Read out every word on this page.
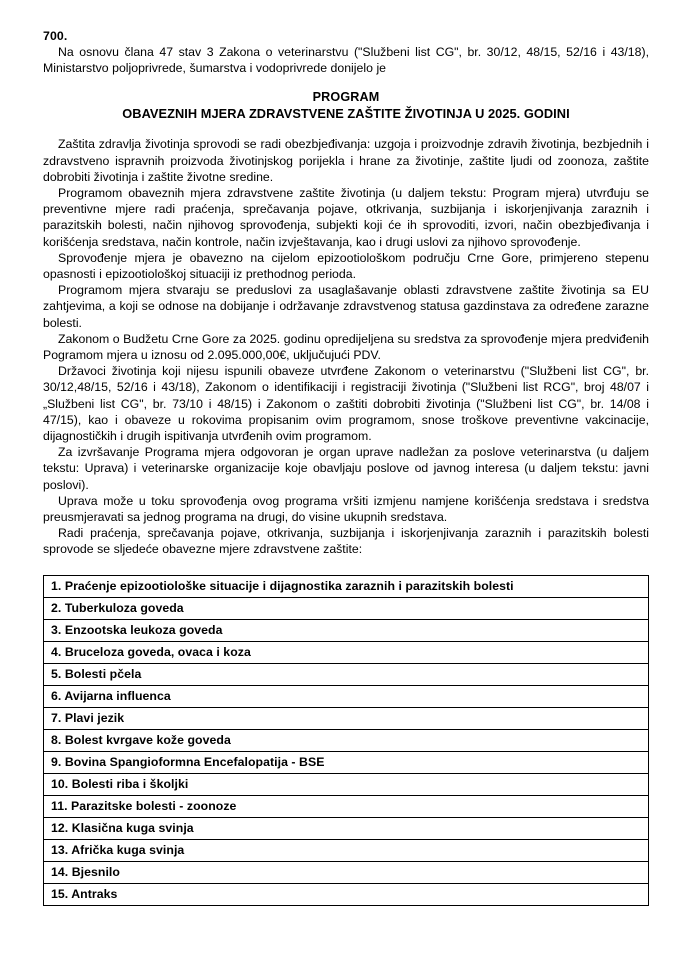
700.

Na osnovu člana 47 stav 3 Zakona o veterinarstvu ("Službeni list CG", br. 30/12, 48/15, 52/16 i 43/18), Ministarstvo poljoprivrede, šumarstva i vodoprivrede donijelo je

PROGRAM
OBAVEZNIH MJERA ZDRAVSTVENE ZAŠTITE ŽIVOTINJA U 2025. GODINI

Zaštita zdravlja životinja sprovodi se radi obezbjeđivanja: uzgoja i proizvodnje zdravih životinja, bezbjednih i zdravstveno ispravnih proizvoda životinjskog porijekla i hrane za životinje, zaštite ljudi od zoonoza, zaštite dobrobiti životinja i zaštite životne sredine.

Programom obaveznih mjera zdravstvene zaštite životinja (u daljem tekstu: Program mjera) utvrđuju se preventivne mjere radi praćenja, sprečavanja pojave, otkrivanja, suzbijanja i iskorjenjivanja zaraznih i parazitskih bolesti, način njihovog sprovođenja, subjekti koji će ih sprovoditi, izvori, način obezbjeđivanja i korišćenja sredstava, način kontrole, način izvještavanja, kao i drugi uslovi za njihovo sprovođenje.

Sprovođenje mjera je obavezno na cijelom epizootiološkom području Crne Gore, primjereno stepenu opasnosti i epizootiološkoj situaciji iz prethodnog perioda.

Programom mjera stvaraju se preduslovi za usaglašavanje oblasti zdravstvene zaštite životinja sa EU zahtjevima, a koji se odnose na dobijanje i održavanje zdravstvenog statusa gazdinstava za određene zarazne bolesti.

Zakonom o Budžetu Crne Gore za 2025. godinu opredijeljena su sredstva za sprovođenje mjera predviđenih Pogramom mjera u iznosu od 2.095.000,00€, uključujući PDV.

Državoci životinja koji nijesu ispunili obaveze utvrđene Zakonom o veterinarstvu ("Službeni list CG", br. 30/12,48/15, 52/16 i 43/18), Zakonom o identifikaciji i registraciji životinja ("Službeni list RCG", broj 48/07 i „Službeni list CG", br. 73/10 i 48/15) i Zakonom o zaštiti dobrobiti životinja ("Službeni list CG", br. 14/08 i 47/15), kao i obaveze u rokovima propisanim ovim programom, snose troškove preventivne vakcinacije, dijagnostičkih i drugih ispitivanja utvrđenih ovim programom.

Za izvršavanje Programa mjera odgovoran je organ uprave nadležan za poslove veterinarstva (u daljem tekstu: Uprava) i veterinarske organizacije koje obavljaju poslove od javnog interesa (u daljem tekstu: javni poslovi).

Uprava može u toku sprovođenja ovog programa vršiti izmjenu namjene korišćenja sredstava i sredstva preusmjeravati sa jednog programa na drugi, do visine ukupnih sredstava.

Radi praćenja, sprečavanja pojave, otkrivanja, suzbijanja i iskorjenjivanja zaraznih i parazitskih bolesti sprovode se sljedeće obavezne mjere zdravstvene zaštite:

1. Praćenje epizootiološke situacije i dijagnostika zaraznih i parazitskih bolesti
2. Tuberkuloza goveda
3. Enzootska leukoza goveda
4. Bruceloza goveda, ovaca i koza
5. Bolesti pčela
6. Avijarna influenca
7. Plavi jezik
8. Bolest kvrgave kože goveda
9. Bovina Spangioformna Encefalopatija - BSE
10. Bolesti riba i školjki
11. Parazitske bolesti - zoonoze
12. Klasična kuga svinja
13. Afrička kuga svinja
14. Bjesnilo
15. Antraks
